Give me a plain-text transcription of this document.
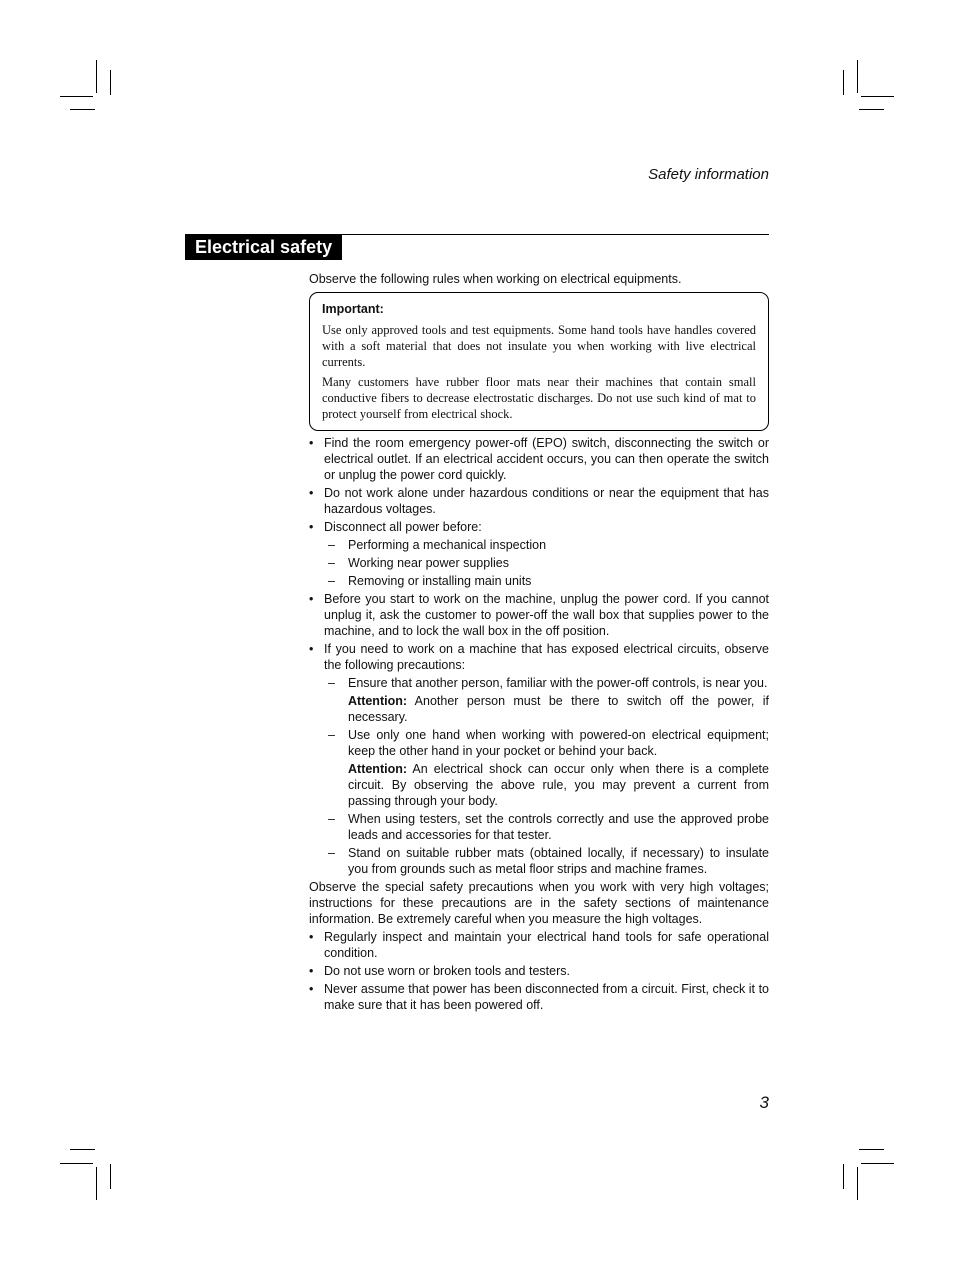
Safety information
Electrical safety

Observe the following rules when working on electrical equipments.

Important:

Use only approved tools and test equipments. Some hand tools have handles covered with a soft material that does not insulate you when working with live electrical currents.

Many customers have rubber floor mats near their machines that contain small conductive fibers to decrease electrostatic discharges. Do not use such kind of mat to protect yourself from electrical shock.

• Find the room emergency power-off (EPO) switch, disconnecting the switch or electrical outlet. If an electrical accident occurs, you can then operate the switch or unplug the power cord quickly.
• Do not work alone under hazardous conditions or near the equipment that has hazardous voltages.
• Disconnect all power before:
– Performing a mechanical inspection
– Working near power supplies
– Removing or installing main units
• Before you start to work on the machine, unplug the power cord. If you cannot unplug it, ask the customer to power-off the wall box that supplies power to the machine, and to lock the wall box in the off position.
• If you need to work on a machine that has exposed electrical circuits, observe the following precautions:
– Ensure that another person, familiar with the power-off controls, is near you.
Attention: Another person must be there to switch off the power, if necessary.
– Use only one hand when working with powered-on electrical equipment; keep the other hand in your pocket or behind your back.
Attention: An electrical shock can occur only when there is a complete circuit. By observing the above rule, you may prevent a current from passing through your body.
– When using testers, set the controls correctly and use the approved probe leads and accessories for that tester.
– Stand on suitable rubber mats (obtained locally, if necessary) to insulate you from grounds such as metal floor strips and machine frames.

Observe the special safety precautions when you work with very high voltages; instructions for these precautions are in the safety sections of maintenance information. Be extremely careful when you measure the high voltages.

• Regularly inspect and maintain your electrical hand tools for safe operational condition.
• Do not use worn or broken tools and testers.
• Never assume that power has been disconnected from a circuit. First, check it to make sure that it has been powered off.
3
